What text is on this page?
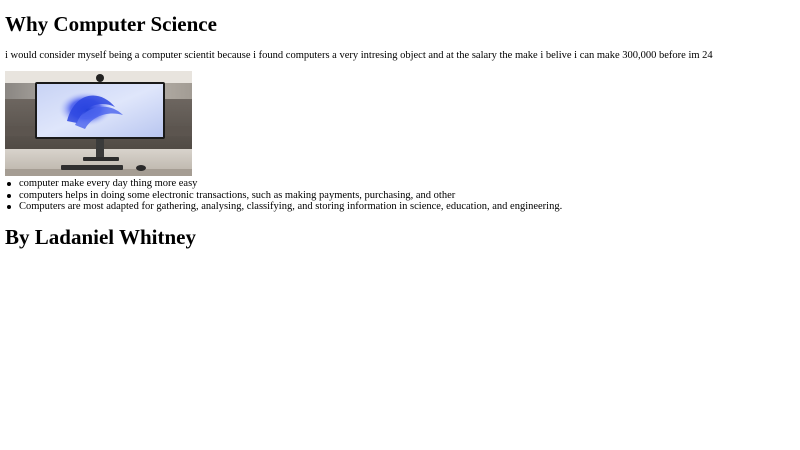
Why Computer Science

i would consider myself being a computer scientit because i found computers a very intresing object and at the salary the make i belive i can make 300,000 before im 24

computer make every day thing more easy
computers helps in doing some electronic transactions, such as making payments, purchasing, and other
Computers are most adapted for gathering, analysing, classifying, and storing information in science, education, and engineering.
By Ladaniel Whitney
